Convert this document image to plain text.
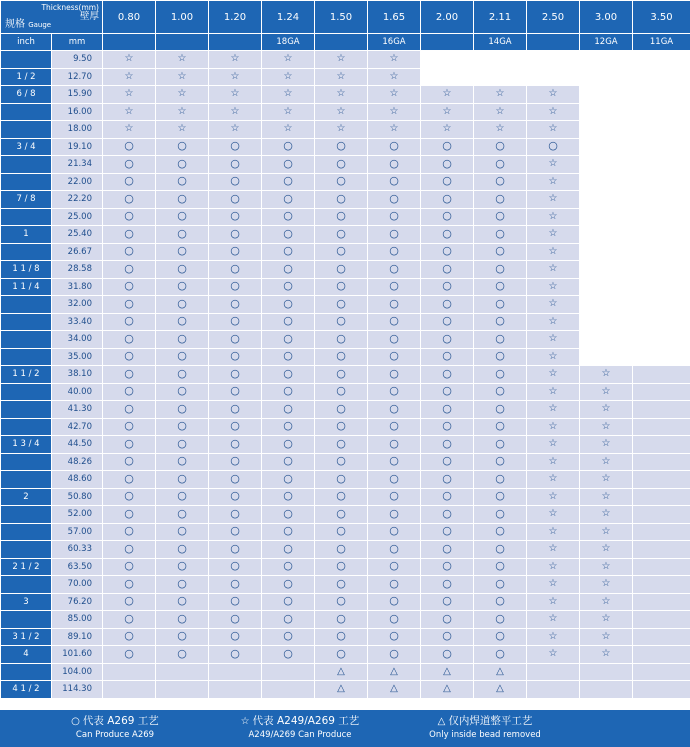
Thickness(mm)
壁厚
规格 Gauge		0.80	1.00	1.20	1.24	1.50	1.65	2.00	2.11	2.50	3.00	3.50
inch	mm				18GA		16GA		14GA		12GA	11GA
	9.50	☆	☆	☆	☆	☆	☆					
1 / 2	12.70	☆	☆	☆	☆	☆	☆					
6 / 8	15.90	☆	☆	☆	☆	☆	☆	☆	☆	☆		
	16.00	☆	☆	☆	☆	☆	☆	☆	☆	☆		
	18.00	☆	☆	☆	☆	☆	☆	☆	☆	☆		
3 / 4	19.10	○	○	○	○	○	○	○	○	○		
	21.34	○	○	○	○	○	○	○	○	☆		
	22.00	○	○	○	○	○	○	○	○	☆		
7 / 8	22.20	○	○	○	○	○	○	○	○	☆		
	25.00	○	○	○	○	○	○	○	○	☆		
1	25.40	○	○	○	○	○	○	○	○	☆		
	26.67	○	○	○	○	○	○	○	○	☆		
1 1 / 8	28.58	○	○	○	○	○	○	○	○	☆		
1 1 / 4	31.80	○	○	○	○	○	○	○	○	☆		
	32.00	○	○	○	○	○	○	○	○	☆		
	33.40	○	○	○	○	○	○	○	○	☆		
	34.00	○	○	○	○	○	○	○	○	☆		
	35.00	○	○	○	○	○	○	○	○	☆		
1 1 / 2	38.10	○	○	○	○	○	○	○	○	☆	☆	
	40.00	○	○	○	○	○	○	○	○	☆	☆	
	41.30	○	○	○	○	○	○	○	○	☆	☆	
	42.70	○	○	○	○	○	○	○	○	☆	☆	
1 3 / 4	44.50	○	○	○	○	○	○	○	○	☆	☆	
	48.26	○	○	○	○	○	○	○	○	☆	☆	
	48.60	○	○	○	○	○	○	○	○	☆	☆	
2	50.80	○	○	○	○	○	○	○	○	☆	☆	
	52.00	○	○	○	○	○	○	○	○	☆	☆	
	57.00	○	○	○	○	○	○	○	○	☆	☆	
	60.33	○	○	○	○	○	○	○	○	☆	☆	
2 1 / 2	63.50	○	○	○	○	○	○	○	○	☆	☆	
	70.00	○	○	○	○	○	○	○	○	☆	☆	
3	76.20	○	○	○	○	○	○	○	○	☆	☆	
	85.00	○	○	○	○	○	○	○	○	☆	☆	
3 1 / 2	89.10	○	○	○	○	○	○	○	○	☆	☆	
4	101.60	○	○	○	○	○	○	○	○	☆	☆	
	104.00					△	△	△	△			
4 1 / 2	114.30					△	△	△	△			
○ 代表 A269 工艺
Can Produce A269
☆ 代表 A249/A269 工艺
A249/A269 Can Produce
△ 仅内焊道整平工艺
Only inside bead removed
